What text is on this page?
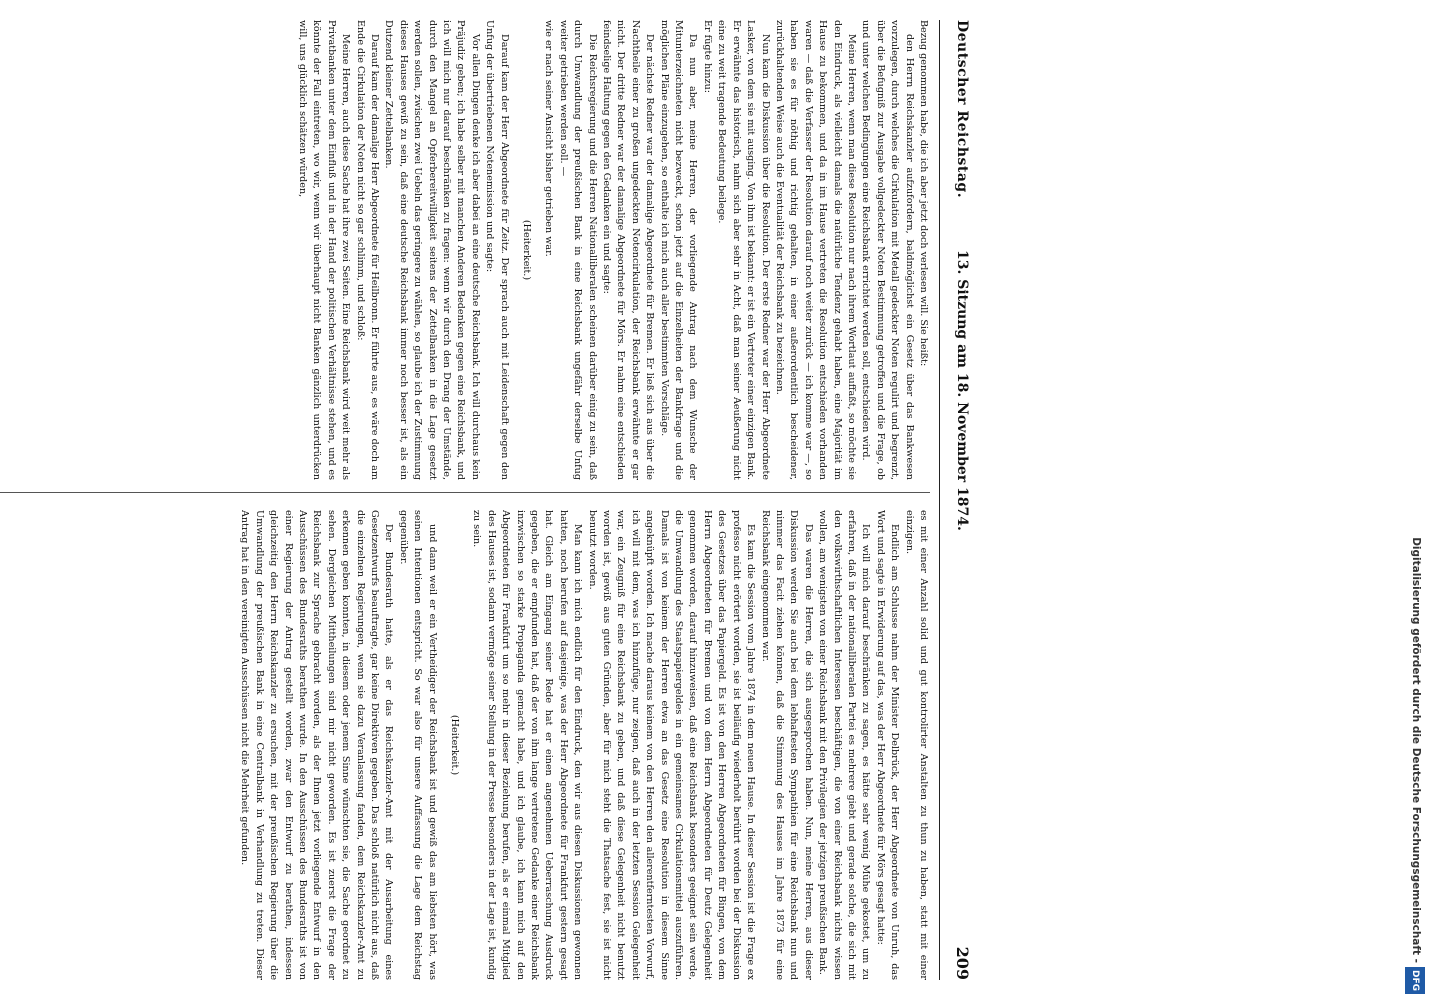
Deutscher Reichstag.
13. Sitzung am 18. November 1874.
209

Bezug genommen habe, die ich aber jetzt doch verlesen will. Sie heißt:

den Herrn Reichskanzler aufzufordern, baldmöglichst ein Gesetz über das Bankwesen vorzulegen, durch welches die Cirkulation mit Metall gedeckter Noten regulirt und begrenzt, über die Befugniß zur Ausgabe vollgedeckter Noten Bestimmung getroffen und die Frage, ob und unter welchen Bedingungen eine Reichsbank errichtet werden soll, entschieden wird.

Meine Herren, wenn man diese Resolution nur nach ihrem Wortlaut auffaßt, so möchte sie den Eindruck, als vielleicht damals die natürliche Tendenz gehabt haben, eine Majorität im Hause zu bekommen, und da in im Hause vertreten die Resolution entschieden vorhanden waren — daß die Verfasser der Resolution darauf noch weiter zurück — ich komme war —, so haben sie es für nöthig und richtig gehalten, in einer außerordentlich bescheidener, zurückhaltenden Weise auch die Eventualität der Reichsbank zu bezeichnen.

Nun kam die Diskussion über die Resolution. Der erste Redner war der Herr Abgeordnete Lasker, von dem sie mit ausging. Von ihm ist bekannt: er ist ein Vertreter einer einzigen Bank. Er erwähnte das historisch, nahm sich aber sehr in Acht, daß man seiner Aeußerung nicht eine zu weit tragende Bedeutung beilege.

Er fügte hinzu:

Da nun aber, meine Herren, der vorliegende Antrag nach dem Wunsche der Mitunterzeichneten nicht bezweckt, schon jetzt auf die Einzelheiten der Bankfrage und die möglichen Pläne einzugehen, so enthalte ich mich auch aller bestimmten Vorschläge.

Der nächste Redner war der damalige Abgeordnete für Bremen. Er ließ sich aus über die Nachtheile einer zu großen ungedeckten Notencirkulation, der Reichsbank erwähnte er gar nicht. Der dritte Redner war der damalige Abgeordnete für Mörs. Er nahm eine entschieden feindselige Haltung gegen den Gedanken ein und sagte:

Die Reichsregierung und die Herren Nationalliberalen scheinen darüber einig zu sein, daß durch Umwandlung der preußischen Bank in eine Reichsbank ungefähr derselbe Unfug weiter getrieben werden soll. —

wie er nach seiner Ansicht bisher getrieben war.

(Heiterkeit.)

Darauf kam der Herr Abgeordnete für Zeitz. Der sprach auch mit Leidenschaft gegen den Unfug der übertriebenen Notenemission und sagte:

Vor allen Dingen denke ich aber dabei an eine deutsche Reichsbank. Ich will durchaus kein Präjudiz geben; ich habe selber mit manchen Anderen Bedenken gegen eine Reichsbank, und ich will mich nur darauf beschränken zu fragen: wenn wir durch den Drang der Umstände, durch den Mangel an Opferbereitwilligkeit seitens der Zettelbanken in die Lage gesetzt werden sollen, zwischen zwei Uebeln das geringere zu wählen, so glaube ich der Zustimmung dieses Hauses gewiß zu sein, daß eine deutsche Reichsbank immer noch besser ist, als ein Dutzend kleiner Zettelbanken.

Darauf kam der damalige Herr Abgeordnete für Heilbronn. Er führte aus, es wäre doch am Ende die Cirkulation der Noten nicht so gar schlimm, und schloß:

Meine Herren, auch diese Sache hat ihre zwei Seiten. Eine Reichsbank wird weit mehr als Privatbanken unter dem Einfluß und in der Hand der politischen Verhältnisse stehen, und es könnte der Fall eintreten, wo wir, wenn wir überhaupt nicht Banken gänzlich unterdrücken will, uns glücklich schätzen würden,

es mit einer Anzahl solid und gut kontrolirter Anstalten zu thun zu haben, statt mit einer einzigen.

Endlich am Schlusse nahm der Minister Delbrück, der Herr Abgeordnete von Unruh, das Wort und sagte in Erwiderung auf das, was der Herr Abgeordnete für Mörs gesagt hatte:

Ich will mich darauf beschränken zu sagen, es hätte sehr wenig Mühe gekostet, um zu erfahren, daß in der nationalliberalen Partei es mehrere giebt und gerade solche, die sich mit den volkswirthschaftlichen Interessen beschäftigen, die von einer Reichsbank nichts wissen wollen, am wenigsten von einer Reichsbank mit den Privilegien der jetzigen preußischen Bank.

Das waren die Herren, die sich ausgesprochen haben. Nun, meine Herren, aus dieser Diskussion werden Sie auch bei dem lebhaftesten Sympathien für eine Reichsbank nun und nimmer das Facit ziehen können, daß die Stimmung des Hauses im Jahre 1873 für eine Reichsbank eingenommen war.

Es kam die Session vom Jahre 1874 in dem neuen Hause. In dieser Session ist die Frage ex professo nicht erörtert worden, sie ist beiläufig wiederholt berührt worden bei der Diskussion des Gesetzes über das Papiergeld. Es ist von den Herren Abgeordneten für Bingen, von dem Herrn Abgeordneten für Bremen und von dem Herrn Abgeordneten für Deutz Gelegenheit genommen worden, darauf hinzuweisen, daß eine Reichsbank besonders geeignet sein werde, die Umwandlung des Staatspapiergeldes in ein gemeinsames Cirkulationsmittel auszuführen. Damals ist von keinem der Herren etwa an das Gesetz eine Resolution in diesem Sinne angeknüpft worden. Ich mache daraus keinem von den Herren den allerentferntesten Vorwurf, ich will mit dem, was ich hinzufüge, nur zeigen, daß auch in der letzten Session Gelegenheit war, ein Zeugniß für eine Reichsbank zu geben, und daß diese Gelegenheit nicht benutzt worden ist, gewiß aus guten Gründen, aber für mich steht die Thatsache fest, sie ist nicht benutzt worden.

Man kann ich mich endlich für den Eindruck, den wir aus diesen Diskussionen gewonnen hatten, noch berufen auf dasjenige, was der Herr Abgeordnete für Frankfurt gestern gesagt hat. Gleich am Eingang seiner Rede hat er einen angenehmen Ueberraschung Ausdruck gegeben, die er empfunden hat, daß der von ihm lange vertretene Gedanke einer Reichsbank inzwischen so starke Propaganda gemacht habe, und ich glaube, ich kann mich auf den Abgeordneten für Frankfurt um so mehr in dieser Beziehung berufen, als er einmal Mitglied des Hauses ist, sodann vermöge seiner Stellung in der Presse besonders in der Lage ist, kundig zu sein.

(Heiterkeit.)

und dann weil er ein Vertheidiger der Reichsbank ist und gewiß das am liebsten hört, was seinen Intentionen entspricht. So war also für unsere Auffassung die Lage dem Reichstag gegenüber.

Der Bundesrath hatte, als er das Reichskanzler-Amt mit der Ausarbeitung eines Gesetzentwurfs beauftragte, gar keine Direktiven gegeben. Das schloß natürlich nicht aus, daß die einzelnen Regierungen, wenn sie dazu Veranlassung fanden, dem Reichskanzler-Amt zu erkennen geben konnten, in diesem oder jenem Sinne wünschten sie, die Sache geordnet zu sehen. Dergleichen Mittheilungen sind mir nicht geworden. Es ist zuerst die Frage der Reichsbank zur Sprache gebracht worden, als der Ihnen jetzt vorliegende Entwurf in den Ausschüssen des Bundesraths berathen wurde. In den Ausschüssen des Bundesraths ist von einer Regierung der Antrag gestellt worden, zwar den Entwurf zu berathen, indessen gleichzeitig den Herrn Reichskanzler zu ersuchen, mit der preußischen Regierung über die Umwandlung der preußischen Bank in eine Centralbank in Verhandlung zu treten. Dieser Antrag hat in den vereinigten Ausschüssen nicht die Mehrheit gefunden.	Digitalisierung gefördert durch die Deutsche Forschungsgemeinschaft -DFG
